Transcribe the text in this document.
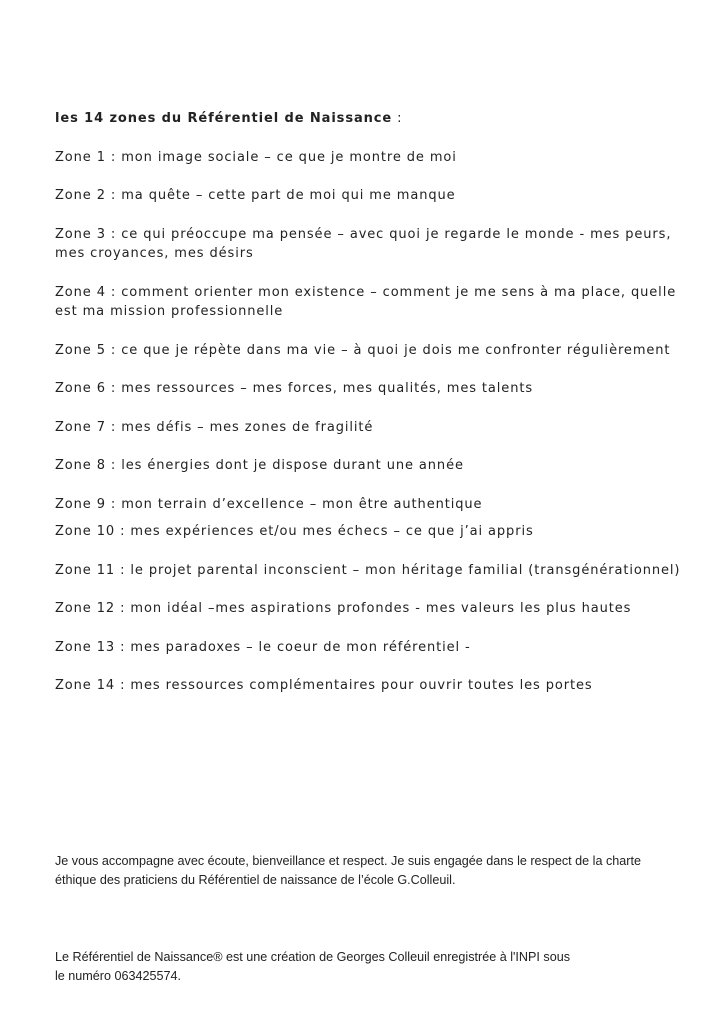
les 14 zones du Référentiel de Naissance :
Zone 1 : mon image sociale – ce que je montre de moi
Zone 2 : ma quête – cette part de moi qui me manque
Zone 3 : ce qui préoccupe ma pensée – avec quoi je regarde le monde - mes peurs, mes croyances, mes désirs
Zone 4 : comment orienter mon existence – comment je me sens à ma place, quelle est ma mission professionnelle
Zone 5 : ce que je répète dans ma vie – à quoi je dois me confronter régulièrement
Zone 6 : mes ressources – mes forces, mes qualités, mes talents
Zone 7 : mes défis – mes zones de fragilité
Zone 8 : les énergies dont je dispose durant une année
Zone 9 : mon terrain d’excellence – mon être authentique
Zone 10 : mes expériences et/ou mes échecs – ce que j’ai appris
Zone 11 : le projet parental inconscient – mon héritage familial (transgénérationnel)
Zone 12 : mon idéal –mes aspirations profondes - mes valeurs les plus hautes
Zone 13 : mes paradoxes – le coeur de mon référentiel -
Zone 14 : mes ressources complémentaires pour ouvrir toutes les portes
Je vous accompagne avec écoute, bienveillance et respect. Je suis engagée dans le respect de la charte éthique des praticiens du Référentiel de naissance de l’école G.Colleuil.
Le Référentiel de Naissance® est une création de Georges Colleuil enregistrée à l'INPI sous
le numéro 063425574.
